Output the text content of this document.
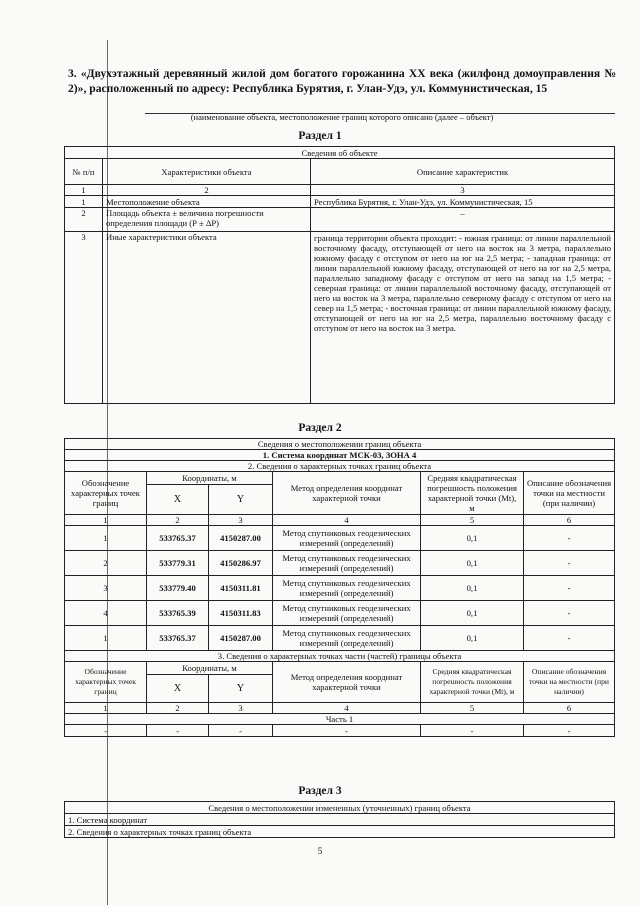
3. «Двухэтажный деревянный жилой дом богатого горожанина XX века (жилфонд домоуправления № 2)», расположенный по адресу: Республика Бурятия, г. Улан-Удэ, ул. Коммунистическая, 15

(наименование объекта, местоположение границ которого описано (далее – объект)

Раздел 1
Сведения об объекте		
№ п/п	Характеристики объекта	Описание характеристик
1	2	3
1	Местоположение объекта	Республика Бурятия, г. Улан-Удэ, ул. Коммунистическая, 15
2	Площадь объекта ± величина погрешности определения площади (Р ± ΔР)	–
3	Иные характеристики объекта	граница территории объекта проходит: - южная граница: от линии параллельной восточному фасаду, отступающей от него на восток на 3 метра, параллельно южному фасаду с отступом от него на юг на 2,5 метра; - западная граница: от линии параллельной южному фасаду, отступающей от него на юг на 2,5 метра, параллельно западному фасаду с отступом от него на запад на 1,5 метра; - северная граница: от линии параллельной восточному фасаду, отступающей от него на восток на 3 метра, параллельно северному фасаду с отступом от него на север на 1,5 метра; - восточная граница: от линии параллельной южному фасаду, отступающей от него на юг на 2,5 метра, параллельно восточному фасаду с отступом от него на восток на 3 метра.
Раздел 2
Сведения о местоположении границ объекта					
1. Система координат МСК-03, ЗОНА 4					
2. Сведения о характерных точках границ объекта					
Обозначение характерных точек границ	Координаты, м		Метод определения координат характерной точки	Средняя квадратическая погрешность положения характерной точки (Мt), м	Описание обозначения точки на местности (при наличии)
	X	Y			
1	2	3	4	5	6
1	533765.37	4150287.00	Метод спутниковых геодезических измерений (определений)	0,1	-
2	533779.31	4150286.97	Метод спутниковых геодезических измерений (определений)	0,1	-
3	533779.40	4150311.81	Метод спутниковых геодезических измерений (определений)	0,1	-
4	533765.39	4150311.83	Метод спутниковых геодезических измерений (определений)	0,1	-
1	533765.37	4150287.00	Метод спутниковых геодезических измерений (определений)	0,1	-
3. Сведения о характерных точках части (частей) границы объекта					
Обозначение характерных точек границ	Координаты, м		Метод определения координат характерной точки	Средняя квадратическая погрешность положения характерной точки (Мt), м	Описание обозначения точки на местности (при наличии)
	X	Y			
1	2	3	4	5	6
Часть 1					
-	-	-	-	-	-
Раздел 3
Сведения о местоположении измененных (уточненных) границ объекта
1. Система координат
2. Сведения о характерных точках границ объекта
5
